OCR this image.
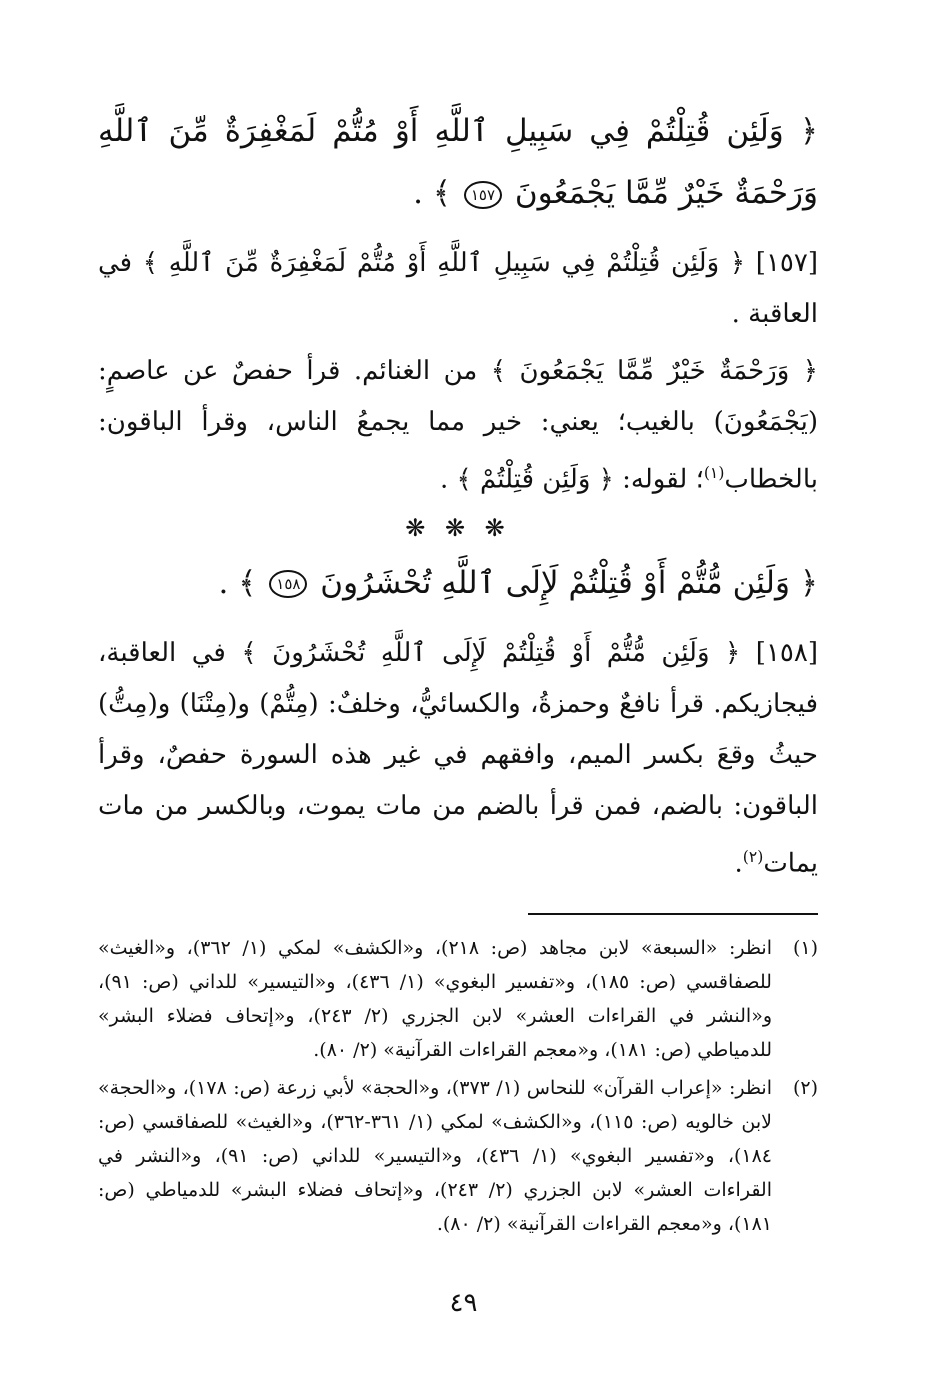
﴿ وَلَئِن قُتِلْتُمْ فِي سَبِيلِ ٱللَّهِ أَوْ مُتُّمْ لَمَغْفِرَةٌ مِّنَ ٱللَّهِ وَرَحْمَةٌ خَيْرٌ مِّمَّا يَجْمَعُونَ ١٥٧ ﴾ .

[١٥٧] ﴿ وَلَئِن قُتِلْتُمْ فِي سَبِيلِ ٱللَّهِ أَوْ مُتُّمْ لَمَغْفِرَةٌ مِّنَ ٱللَّهِ ﴾ في العاقبة .

﴿ وَرَحْمَةٌ خَيْرٌ مِّمَّا يَجْمَعُونَ ﴾ من الغنائم. قرأ حفصٌ عن عاصمٍ: (يَجْمَعُونَ) بالغيب؛ يعني: خير مما يجمعُ الناس، وقرأ الباقون: بالخطاب$^{(١)}$؛ لقوله: ﴿ وَلَئِن قُتِلْتُمْ ﴾ .

❋ ❋ ❋

﴿ وَلَئِن مُّتُّمْ أَوْ قُتِلْتُمْ لَإِلَى ٱللَّهِ تُحْشَرُونَ ١٥٨ ﴾ .

[١٥٨] ﴿ وَلَئِن مُّتُّمْ أَوْ قُتِلْتُمْ لَإِلَى ٱللَّهِ تُحْشَرُونَ ﴾ في العاقبة، فيجازيكم. قرأ نافعٌ وحمزةُ، والكسائيُّ، وخلفٌ: (مِتُّمْ) و(مِتْنَا) و(مِتُّ) حيثُ وقعَ بكسر الميم، وافقهم في غير هذه السورة حفصٌ، وقرأ الباقون: بالضم، فمن قرأ بالضم من مات يموت، وبالكسر من مات يمات$^{(٢)}$.

(١)
انظر: «السبعة» لابن مجاهد (ص: ٢١٨)، و«الكشف» لمكي (١/ ٣٦٢)، و«الغيث» للصفاقسي (ص: ١٨٥)، و«تفسير البغوي» (١/ ٤٣٦)، و«التيسير» للداني (ص: ٩١)، و«النشر في القراءات العشر» لابن الجزري (٢/ ٢٤٣)، و«إتحاف فضلاء البشر» للدمياطي (ص: ١٨١)، و«معجم القراءات القرآنية» (٢/ ٨٠).
(٢)
انظر: «إعراب القرآن» للنحاس (١/ ٣٧٣)، و«الحجة» لأبي زرعة (ص: ١٧٨)، و«الحجة» لابن خالويه (ص: ١١٥)، و«الكشف» لمكي (١/ ٣٦١-٣٦٢)، و«الغيث» للصفاقسي (ص: ١٨٤)، و«تفسير البغوي» (١/ ٤٣٦)، و«التيسير» للداني (ص: ٩١)، و«النشر في القراءات العشر» لابن الجزري (٢/ ٢٤٣)، و«إتحاف فضلاء البشر» للدمياطي (ص: ١٨١)، و«معجم القراءات القرآنية» (٢/ ٨٠).
٤٩
